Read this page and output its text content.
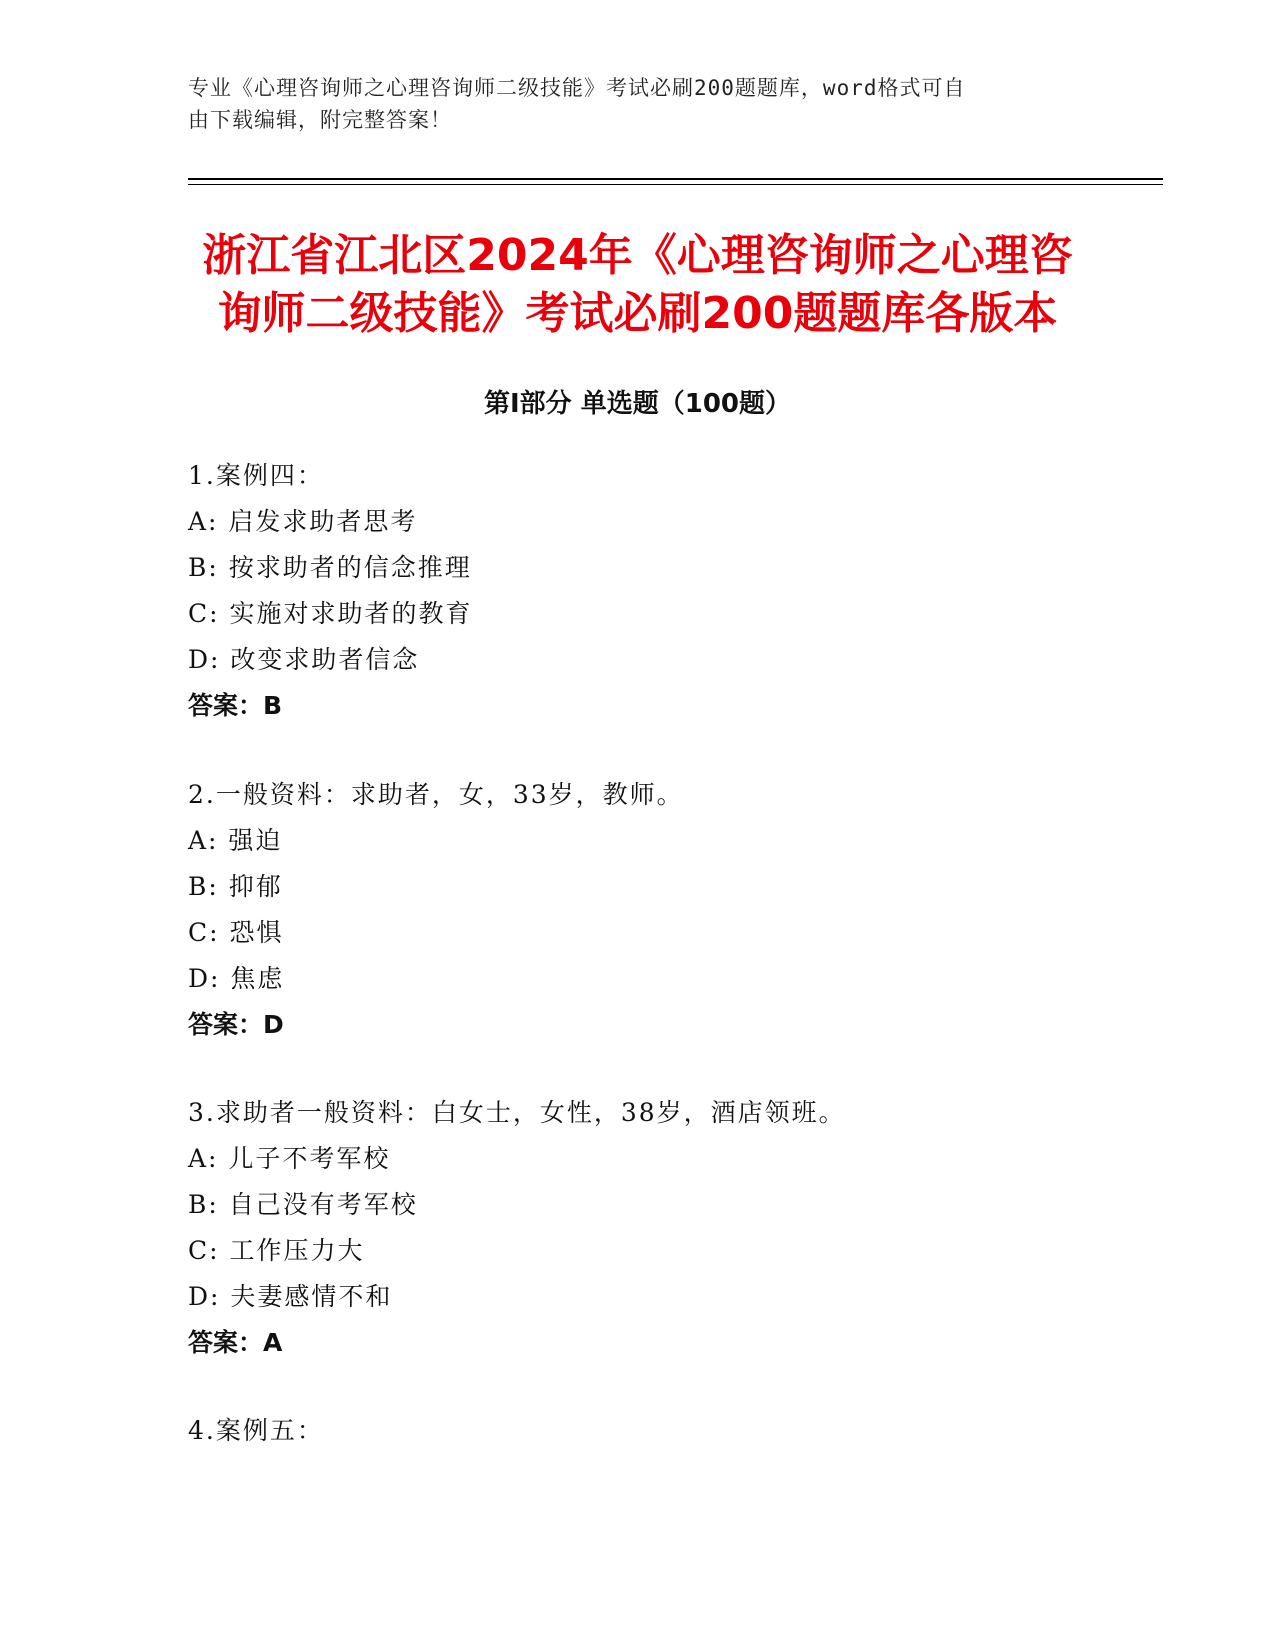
专业《心理咨询师之心理咨询师二级技能》考试必刷200题题库，word格式可自
由下载编辑，附完整答案！

浙江省江北区2024年《心理咨询师之心理咨
询师二级技能》考试必刷200题题库各版本
第Ⅰ部分 单选题（100题）
1.案例四：
A: 启发求助者思考
B: 按求助者的信念推理
C: 实施对求助者的教育
D: 改变求助者信念
答案：B
2.一般资料：求助者，女，33岁，教师。
A: 强迫
B: 抑郁
C: 恐惧
D: 焦虑
答案：D
3.求助者一般资料：白女士，女性，38岁，酒店领班。
A: 儿子不考军校
B: 自己没有考军校
C: 工作压力大
D: 夫妻感情不和
答案：A
4.案例五：
